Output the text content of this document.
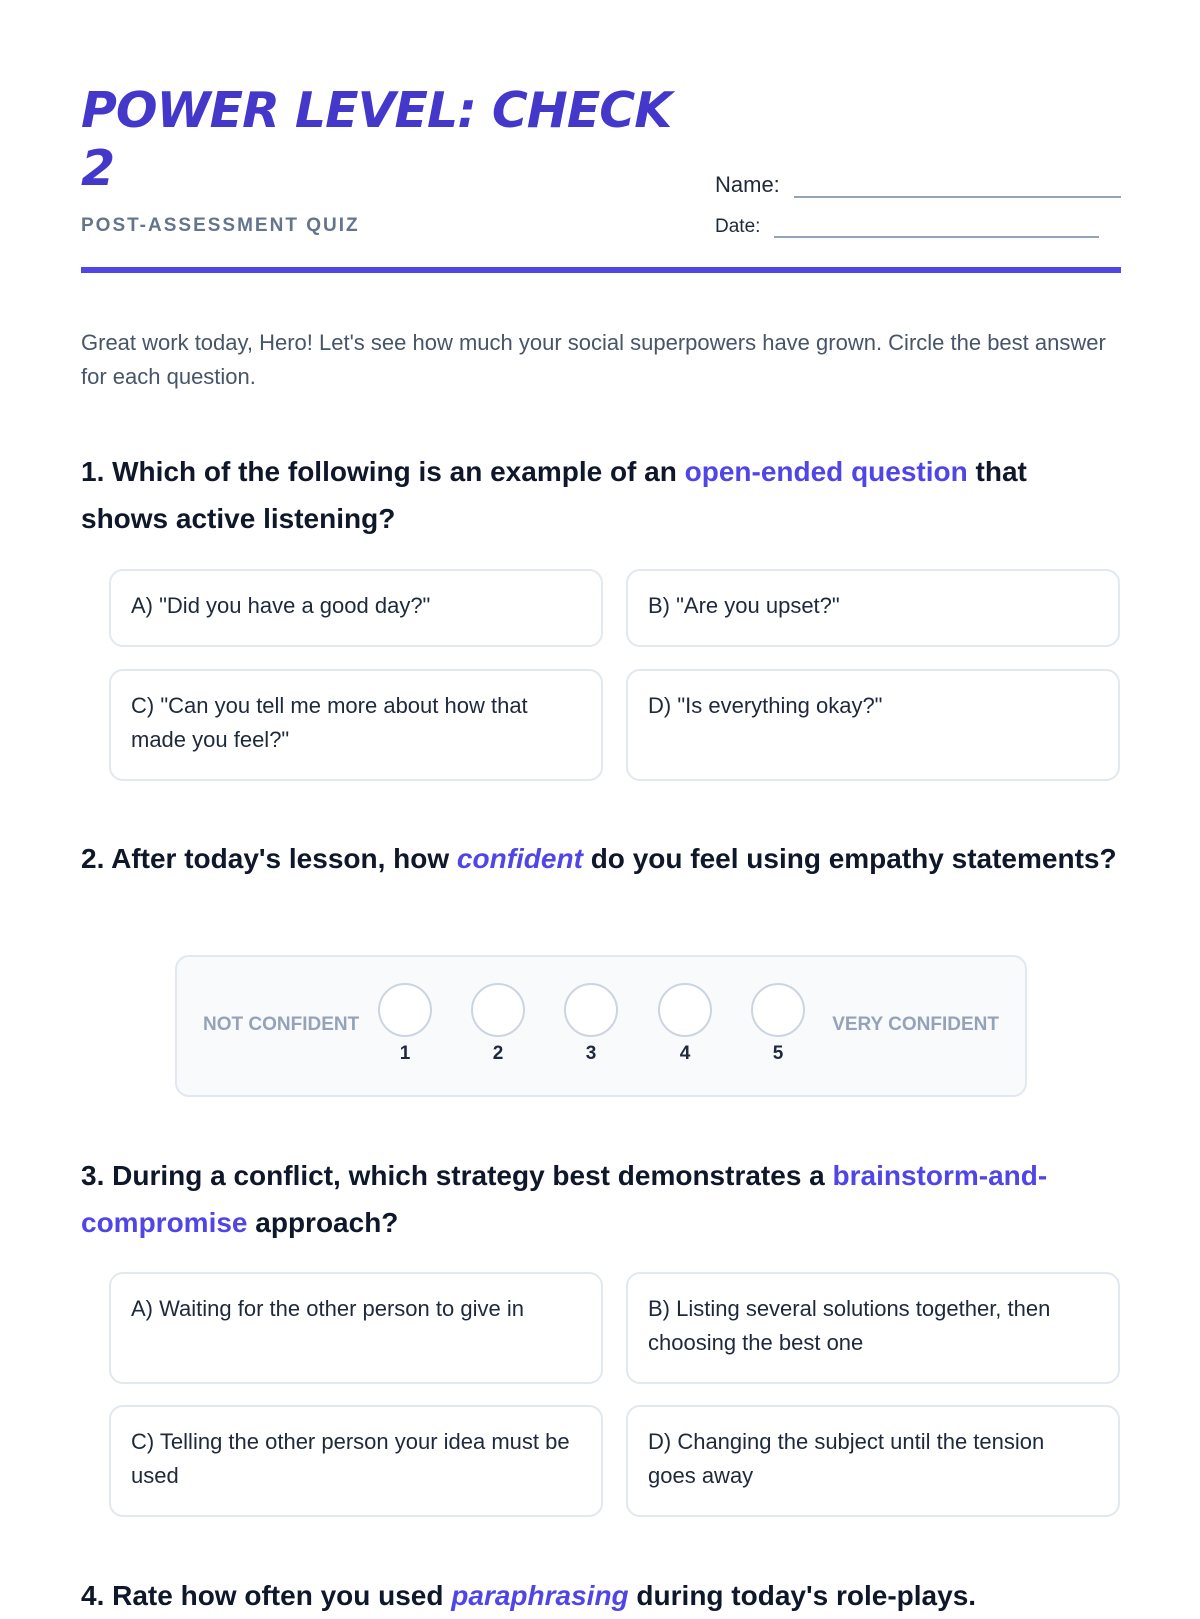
POWER LEVEL: CHECK 2
POST-ASSESSMENT QUIZ
Name:
Date:

Great work today, Hero! Let's see how much your social superpowers have grown. Circle the best answer for each question.

1. Which of the following is an example of an open-ended question that shows active listening?

A) "Did you have a good day?"	B) "Are you upset?"
C) "Can you tell me more about how that made you feel?"
D) "Is everything okay?"

2. After today's lesson, how confident do you feel using empathy statements?

NOT CONFIDENT
1	2	3	4	5
VERY CONFIDENT

3. During a conflict, which strategy best demonstrates a brainstorm-and-compromise approach?

A) Waiting for the other person to give in	B) Listing several solutions together, then choosing the best one
C) Telling the other person your idea must be used
D) Changing the subject until the tension goes away

4. Rate how often you used paraphrasing during today's role-plays.
